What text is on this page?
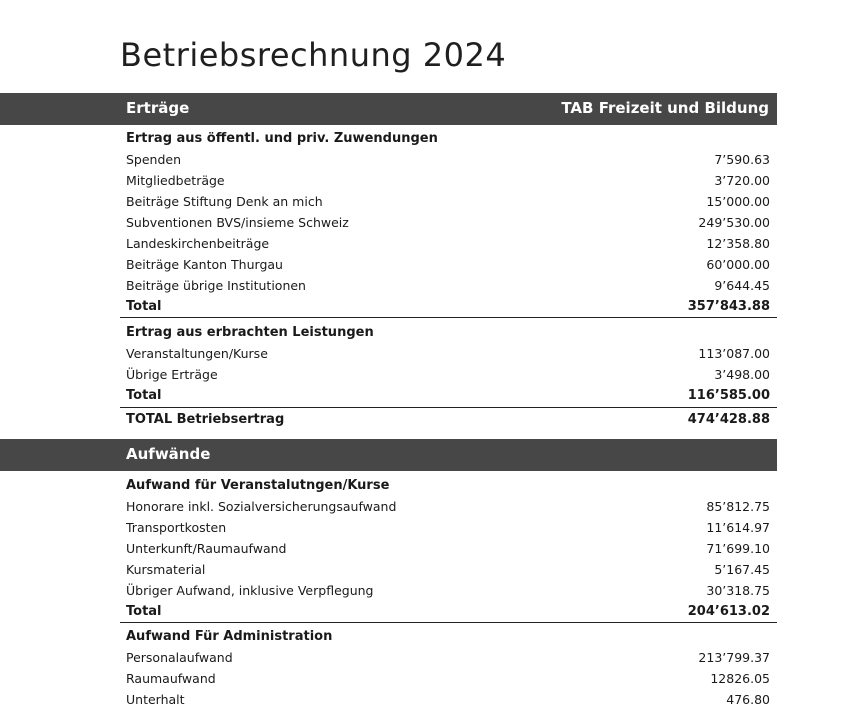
Betriebsrechnung 2024
Erträge	TAB Freizeit und Bildung
Ertrag aus öffentl. und priv. Zuwendungen
Spenden	7’590.63
Mitgliedbeträge	3’720.00
Beiträge Stiftung Denk an mich	15’000.00
Subventionen BVS/insieme Schweiz	249’530.00
Landeskirchenbeiträge	12’358.80
Beiträge Kanton Thurgau	60’000.00
Beiträge übrige Institutionen	9’644.45
Total	357’843.88
Ertrag aus erbrachten Leistungen
Veranstaltungen/Kurse	113’087.00
Übrige Erträge	3’498.00
Total	116’585.00
TOTAL Betriebsertrag	474’428.88
Aufwände
Aufwand für Veranstalutngen/Kurse
Honorare inkl. Sozialversicherungsaufwand	85’812.75
Transportkosten	11’614.97
Unterkunft/Raumaufwand	71’699.10
Kursmaterial	5’167.45
Übriger Aufwand, inklusive Verpflegung	30’318.75
Total	204’613.02
Aufwand Für Administration
Personalaufwand	213’799.37
Raumaufwand	12826.05
Unterhalt	476.80
